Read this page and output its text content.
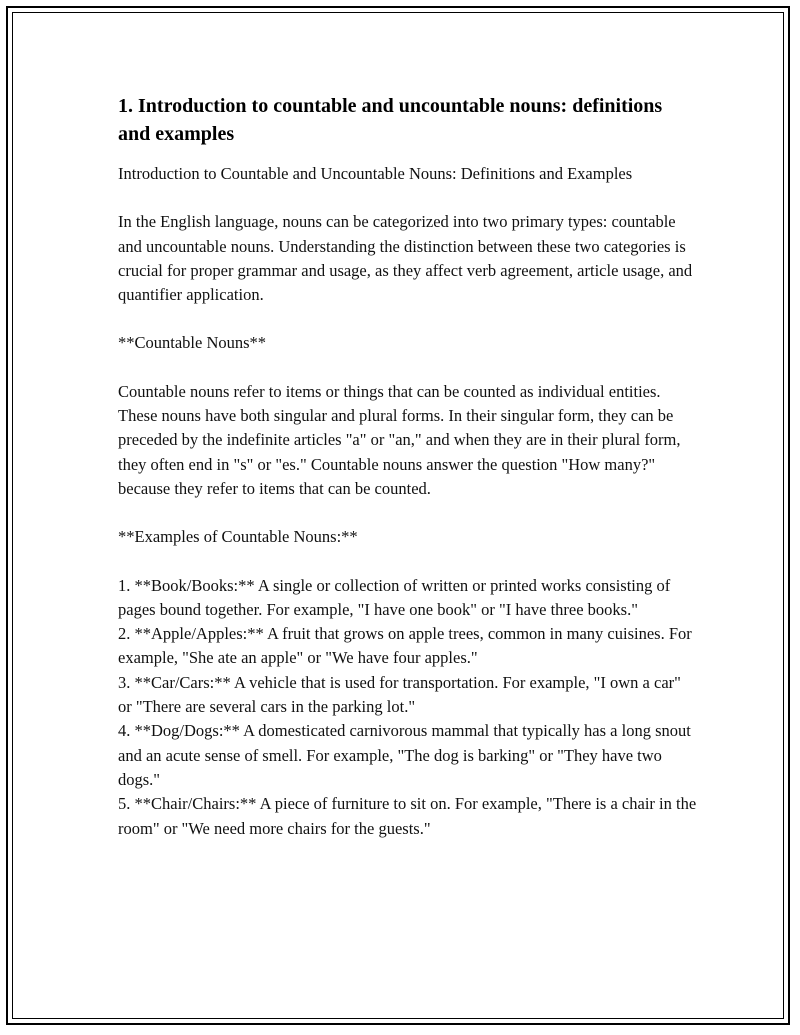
1. Introduction to countable and uncountable nouns: definitions and examples

Introduction to Countable and Uncountable Nouns: Definitions and Examples

In the English language, nouns can be categorized into two primary types: countable and uncountable nouns. Understanding the distinction between these two categories is crucial for proper grammar and usage, as they affect verb agreement, article usage, and quantifier application.

**Countable Nouns**

Countable nouns refer to items or things that can be counted as individual entities. These nouns have both singular and plural forms. In their singular form, they can be preceded by the indefinite articles "a" or "an," and when they are in their plural form, they often end in "s" or "es." Countable nouns answer the question "How many?" because they refer to items that can be counted.

**Examples of Countable Nouns:**

1. **Book/Books:** A single or collection of written or printed works consisting of pages bound together. For example, "I have one book" or "I have three books."
2. **Apple/Apples:** A fruit that grows on apple trees, common in many cuisines. For example, "She ate an apple" or "We have four apples."
3. **Car/Cars:** A vehicle that is used for transportation. For example, "I own a car" or "There are several cars in the parking lot."
4. **Dog/Dogs:** A domesticated carnivorous mammal that typically has a long snout and an acute sense of smell. For example, "The dog is barking" or "They have two dogs."
5. **Chair/Chairs:** A piece of furniture to sit on. For example, "There is a chair in the room" or "We need more chairs for the guests."
